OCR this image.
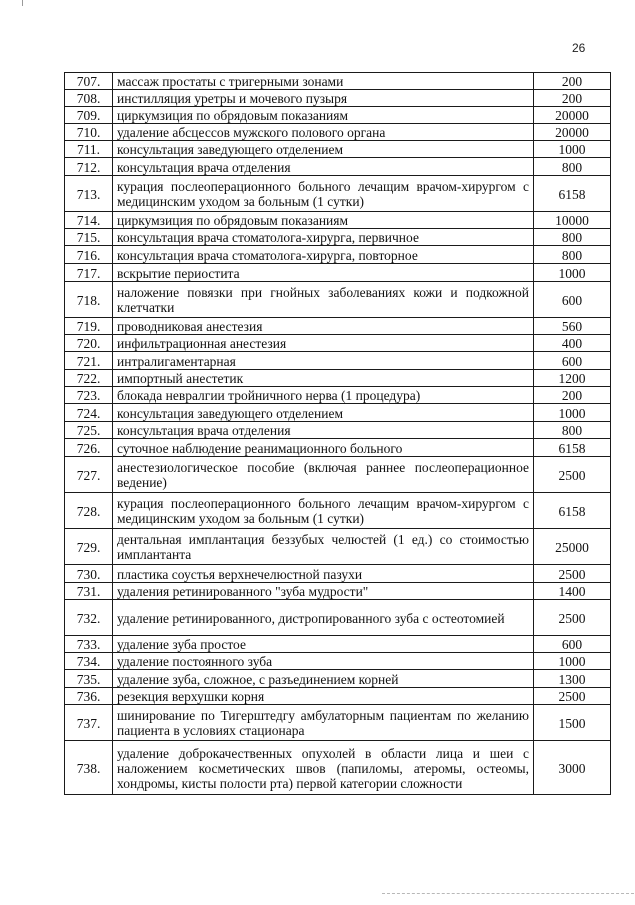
26
707.	массаж простаты с тригерными зонами	200
708.	инстилляция уретры и мочевого пузыря	200
709.	циркумзиция по обрядовым показаниям	20000
710.	удаление абсцессов мужского полового органа	20000
711.	консультация заведующего отделением	1000
712.	консультация врача отделения	800
713.	курация послеоперационного больного лечащим врачом-хирургом с медицинским уходом за больным (1 сутки)	6158
714.	циркумзиция по обрядовым показаниям	10000
715.	консультация врача стоматолога-хирурга, первичное	800
716.	консультация врача стоматолога-хирурга, повторное	800
717.	вскрытие периостита	1000
718.	наложение повязки при гнойных заболеваниях кожи и подкожной клетчатки	600
719.	проводниковая анестезия	560
720.	инфильтрационная анестезия	400
721.	интралигаментарная	600
722.	импортный анестетик	1200
723.	блокада невралгии тройничного нерва (1 процедура)	200
724.	консультация заведующего отделением	1000
725.	консультация врача отделения	800
726.	суточное наблюдение реанимационного больного	6158
727.	анестезиологическое пособие (включая раннее послеоперационное ведение)	2500
728.	курация послеоперационного больного лечащим врачом-хирургом с медицинским уходом за больным (1 сутки)	6158
729.	дентальная имплантация беззубых челюстей (1 ед.) со стоимостью имплантанта	25000
730.	пластика соустья верхнечелюстной пазухи	2500
731.	удаления ретинированного "зуба мудрости"	1400
732.	удаление ретинированного, дистропированного зуба с остеотомией	2500
733.	удаление зуба простое	600
734.	удаление постоянного зуба	1000
735.	удаление зуба, сложное, с разъединением корней	1300
736.	резекция верхушки корня	2500
737.	шинирование по Тигерштедгу амбулаторным пациентам по желанию пациента в условиях стационара	1500
738.	удаление доброкачественных опухолей в области лица и шеи с наложением косметических швов (папиломы, атеромы, остеомы, хондромы, кисты полости рта) первой категории сложности	3000
